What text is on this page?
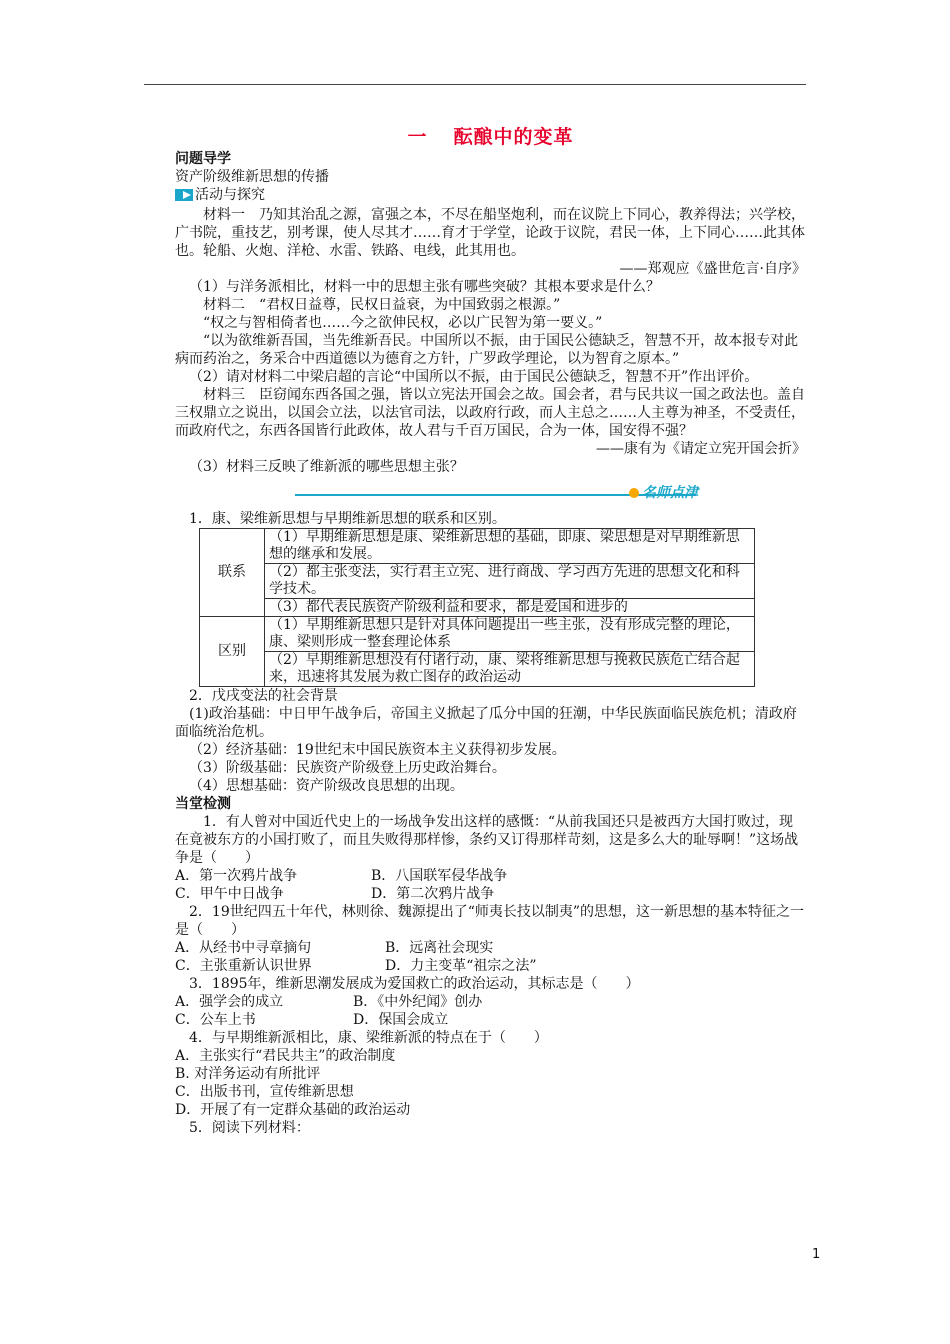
一 酝酿中的变革

问题导学

资产阶级维新思想的传播

活动与探究

材料一　乃知其治乱之源，富强之本，不尽在船坚炮利，而在议院上下同心，教养得法；兴学校，广书院，重技艺，别考课，使人尽其才……育才于学堂，论政于议院，君民一体，上下同心……此其体也。轮船、火炮、洋枪、水雷、铁路、电线，此其用也。

——郑观应《盛世危言·自序》

（1）与洋务派相比，材料一中的思想主张有哪些突破？其根本要求是什么？

材料二　“君权日益尊，民权日益衰，为中国致弱之根源。”

“权之与智相倚者也……今之欲伸民权，必以广民智为第一要义。”

“以为欲维新吾国，当先维新吾民。中国所以不振，由于国民公德缺乏，智慧不开，故本报专对此病而药治之，务采合中西道德以为德育之方针，广罗政学理论，以为智育之原本。”

（2）请对材料二中梁启超的言论“中国所以不振，由于国民公德缺乏，智慧不开”作出评价。

材料三　臣窃闻东西各国之强，皆以立宪法开国会之故。国会者，君与民共议一国之政法也。盖自三权鼎立之说出，以国会立法，以法官司法，以政府行政，而人主总之……人主尊为神圣，不受责任，而政府代之，东西各国皆行此政体，故人君与千百万国民，合为一体，国安得不强？

——康有为《请定立宪开国会折》

（3）材料三反映了维新派的哪些思想主张？

名师点津

1．康、梁维新思想与早期维新思想的联系和区别。

联系	（1）早期维新思想是康、梁维新思想的基础，即康、梁思想是对早期维新思想的继承和发展。
	（2）都主张变法，实行君主立宪、进行商战、学习西方先进的思想文化和科学技术。
	（3）都代表民族资产阶级利益和要求，都是爱国和进步的
区别	（1）早期维新思想只是针对具体问题提出一些主张，没有形成完整的理论，康、梁则形成一整套理论体系
	（2）早期维新思想没有付诸行动，康、梁将维新思想与挽救民族危亡结合起来，迅速将其发展为救亡图存的政治运动

2．戊戌变法的社会背景

(1)政治基础：中日甲午战争后，帝国主义掀起了瓜分中国的狂潮，中华民族面临民族危机；清政府面临统治危机。

（2）经济基础：19世纪末中国民族资本主义获得初步发展。

（3）阶级基础：民族资产阶级登上历史政治舞台。

（4）思想基础：资产阶级改良思想的出现。

当堂检测

1．有人曾对中国近代史上的一场战争发出这样的感慨：“从前我国还只是被西方大国打败过，现在竟被东方的小国打败了，而且失败得那样惨，条约又订得那样苛刻，这是多么大的耻辱啊！”这场战争是（　　）

A．第一次鸦片战争	B．八国联军侵华战争

C．甲午中日战争	D．第二次鸦片战争

2．19世纪四五十年代，林则徐、魏源提出了“师夷长技以制夷”的思想，这一新思想的基本特征之一是（　　）

A．从经书中寻章摘句	B．远离社会现实

C．主张重新认识世界	D．力主变革“祖宗之法”

3．1895年，维新思潮发展成为爱国救亡的政治运动，其标志是（　　）

A．强学会的成立	B．《中外纪闻》创办

C．公车上书	D．保国会成立

4．与早期维新派相比，康、梁维新派的特点在于（　　）

A．主张实行“君民共主”的政治制度

B. 对洋务运动有所批评

C．出版书刊，宣传维新思想

D．开展了有一定群众基础的政治运动

5．阅读下列材料：

1
